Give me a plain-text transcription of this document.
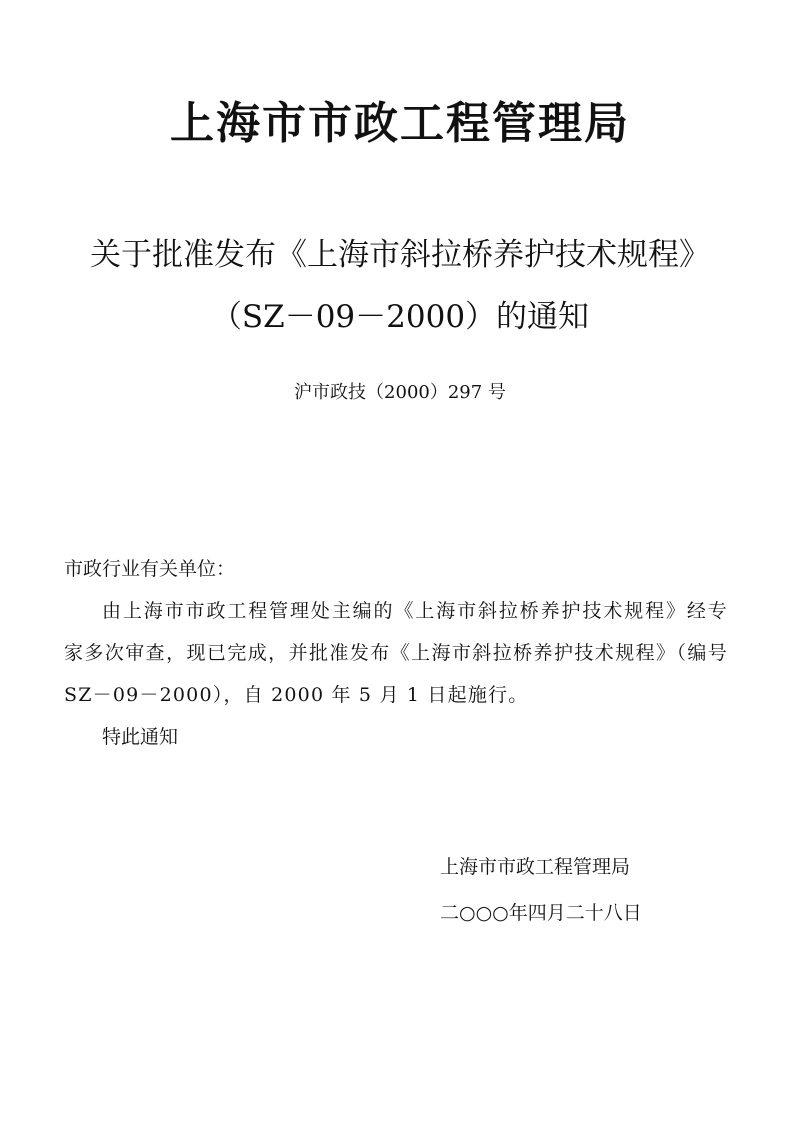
上海市市政工程管理局
关于批准发布《上海市斜拉桥养护技术规程》
（SZ－09－2000）的通知
沪市政技（2000）297 号

市政行业有关单位：

由上海市市政工程管理处主编的《上海市斜拉桥养护技术规程》经专家多次审查，现已完成，并批准发布《上海市斜拉桥养护技术规程》（编号 SZ－09－2000），自 2000 年 5 月 1 日起施行。

特此通知

上海市市政工程管理局
二○○○年四月二十八日
